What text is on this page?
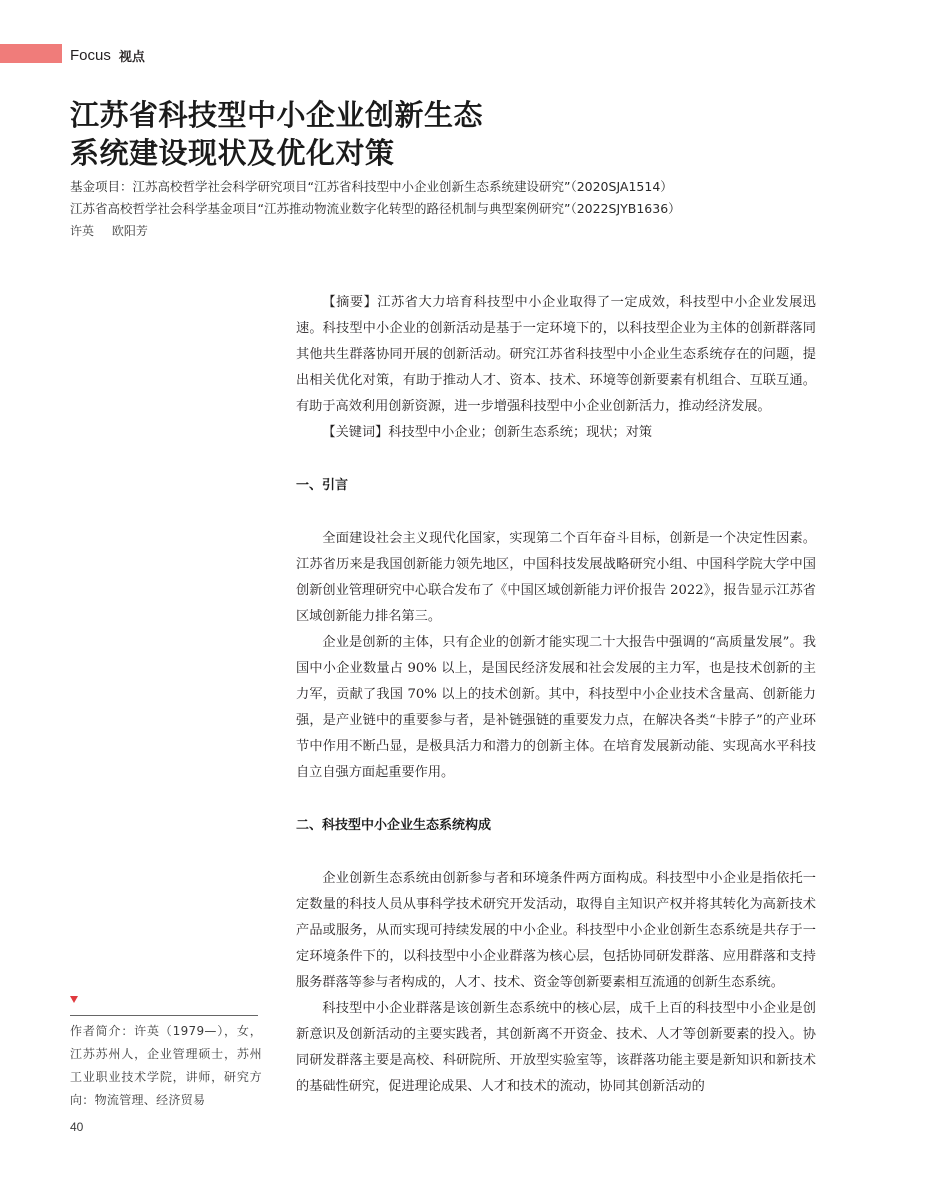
Focus 视点
江苏省科技型中小企业创新生态
系统建设现状及优化对策
基金项目：江苏高校哲学社会科学研究项目“江苏省科技型中小企业创新生态系统建设研究”（2020SJA1514）
江苏省高校哲学社会科学基金项目“江苏推动物流业数字化转型的路径机制与典型案例研究”（2022SJYB1636）
许英 欧阳芳

【摘要】江苏省大力培育科技型中小企业取得了一定成效，科技型中小企业发展迅速。科技型中小企业的创新活动是基于一定环境下的，以科技型企业为主体的创新群落同其他共生群落协同开展的创新活动。研究江苏省科技型中小企业生态系统存在的问题，提出相关优化对策，有助于推动人才、资本、技术、环境等创新要素有机组合、互联互通。有助于高效利用创新资源，进一步增强科技型中小企业创新活力，推动经济发展。

【关键词】科技型中小企业；创新生态系统；现状；对策

一、引言

全面建设社会主义现代化国家，实现第二个百年奋斗目标，创新是一个决定性因素。江苏省历来是我国创新能力领先地区，中国科技发展战略研究小组、中国科学院大学中国创新创业管理研究中心联合发布了《中国区域创新能力评价报告 2022》，报告显示江苏省区域创新能力排名第三。

企业是创新的主体，只有企业的创新才能实现二十大报告中强调的“高质量发展”。我国中小企业数量占 90% 以上，是国民经济发展和社会发展的主力军，也是技术创新的主力军，贡献了我国 70% 以上的技术创新。其中，科技型中小企业技术含量高、创新能力强，是产业链中的重要参与者，是补链强链的重要发力点，在解决各类“卡脖子”的产业环节中作用不断凸显，是极具活力和潜力的创新主体。在培育发展新动能、实现高水平科技自立自强方面起重要作用。

二、科技型中小企业生态系统构成

企业创新生态系统由创新参与者和环境条件两方面构成。科技型中小企业是指依托一定数量的科技人员从事科学技术研究开发活动，取得自主知识产权并将其转化为高新技术产品或服务，从而实现可持续发展的中小企业。科技型中小企业创新生态系统是共存于一定环境条件下的，以科技型中小企业群落为核心层，包括协同研发群落、应用群落和支持服务群落等参与者构成的，人才、技术、资金等创新要素相互流通的创新生态系统。

科技型中小企业群落是该创新生态系统中的核心层，成千上百的科技型中小企业是创新意识及创新活动的主要实践者，其创新离不开资金、技术、人才等创新要素的投入。协同研发群落主要是高校、科研院所、开放型实验室等，该群落功能主要是新知识和新技术的基础性研究，促进理论成果、人才和技术的流动，协同其创新活动的

作者简介：许英（1979—），女，江苏苏州人，企业管理硕士，苏州工业职业技术学院，讲师，研究方向：物流管理、经济贸易
40
